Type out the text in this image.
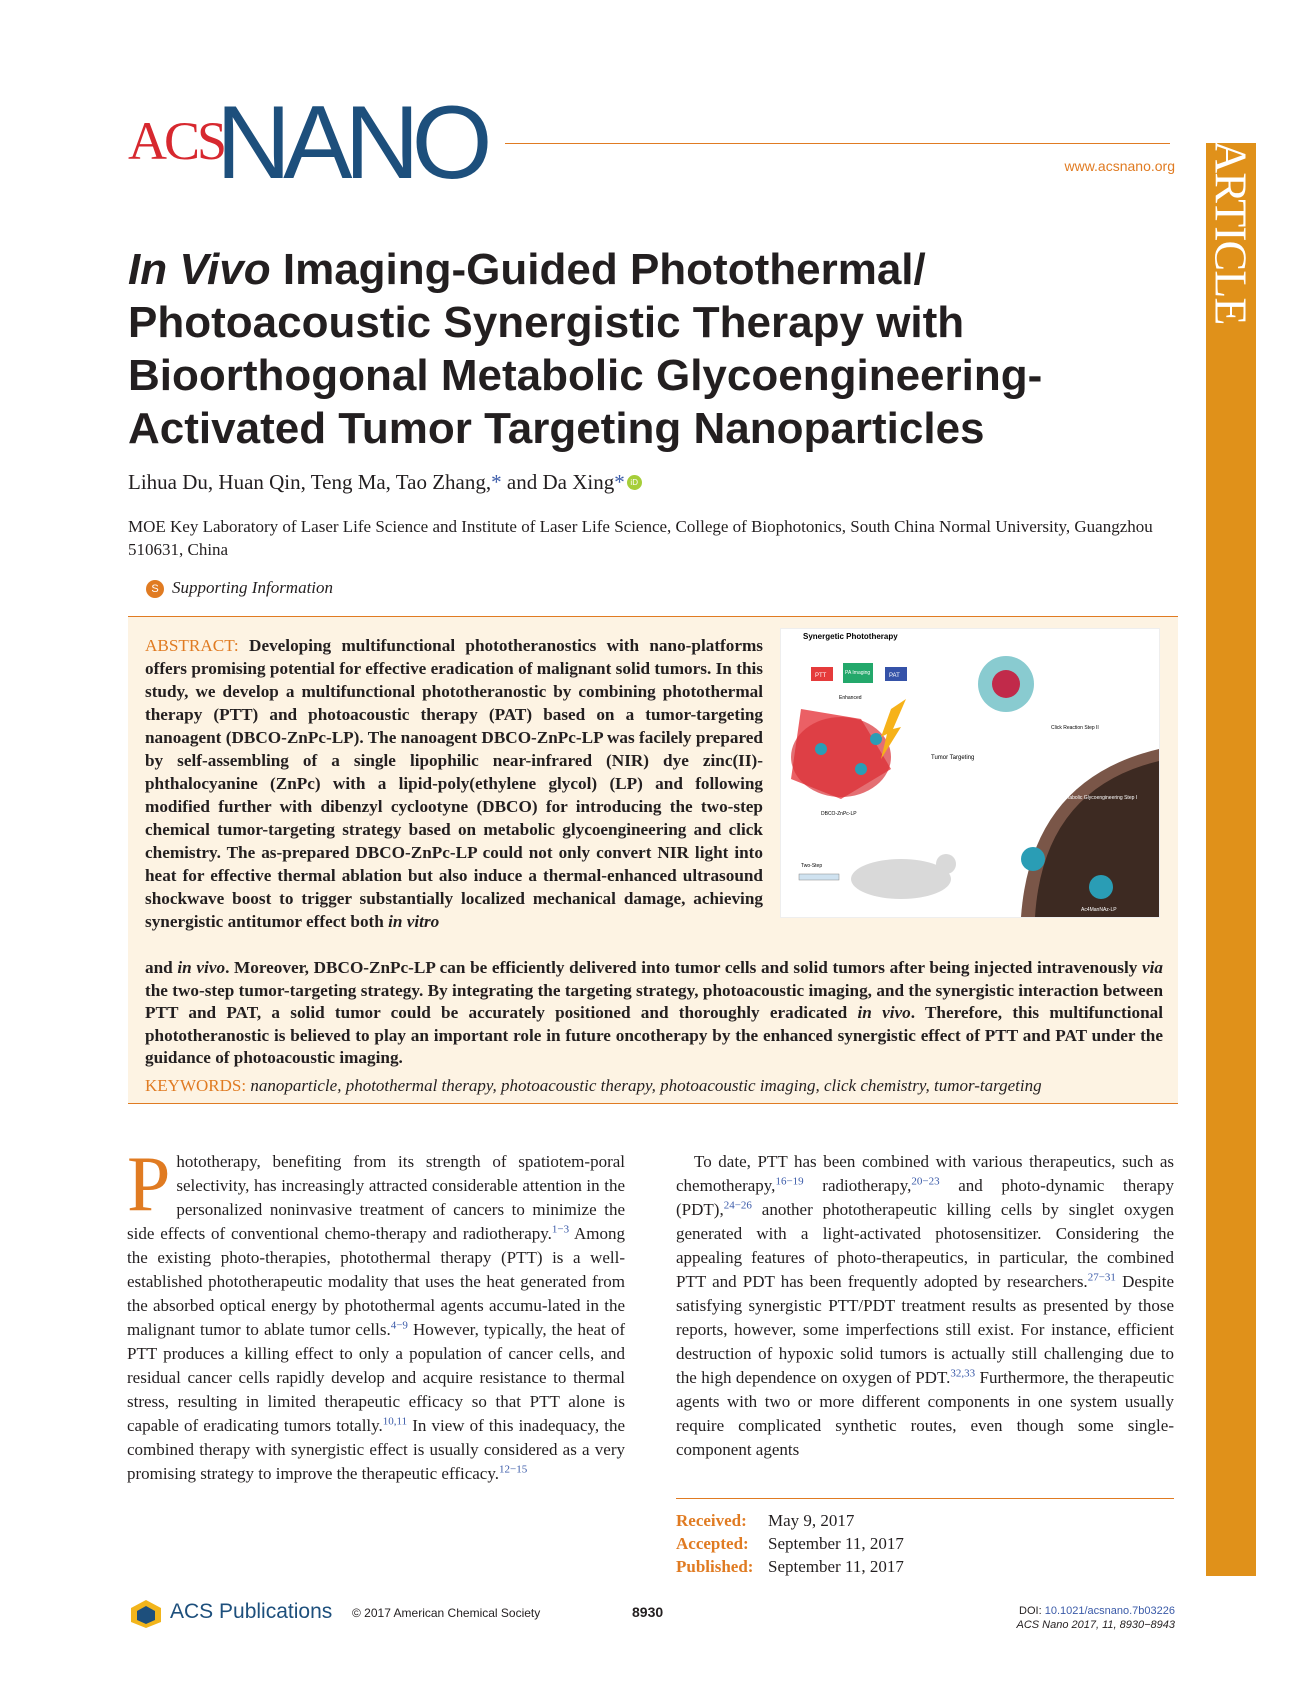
ACS
NANO	www.acsnano.org ARTICLE
In Vivo Imaging-Guided Photothermal/ Photoacoustic Synergistic Therapy with Bioorthogonal Metabolic Glycoengineering-Activated Tumor Targeting Nanoparticles
Lihua Du, Huan Qin, Teng Ma, Tao Zhang,* and Da Xing* iD
MOE Key Laboratory of Laser Life Science and Institute of Laser Life Science, College of Biophotonics, South China Normal University, Guangzhou 510631, China
S Supporting Information
ABSTRACT: Developing multifunctional phototheranostics with nano-platforms offers promising potential for effective eradication of malignant solid tumors. In this study, we develop a multifunctional phototheranostic by combining photothermal therapy (PTT) and photoacoustic therapy (PAT) based on a tumor-targeting nanoagent (DBCO-ZnPc-LP). The nanoagent DBCO-ZnPc-LP was facilely prepared by self-assembling of a single lipophilic near-infrared (NIR) dye zinc(II)-phthalocyanine (ZnPc) with a lipid-poly(ethylene glycol) (LP) and following modified further with dibenzyl cyclootyne (DBCO) for introducing the two-step chemical tumor-targeting strategy based on metabolic glycoengineering and click chemistry. The as-prepared DBCO-ZnPc-LP could not only convert NIR light into heat for effective thermal ablation but also induce a thermal-enhanced ultrasound shockwave boost to trigger substantially localized mechanical damage, achieving synergistic antitumor effect both in vitro
and in vivo. Moreover, DBCO-ZnPc-LP can be efficiently delivered into tumor cells and solid tumors after being injected intravenously via the two-step tumor-targeting strategy. By integrating the targeting strategy, photoacoustic imaging, and the synergistic interaction between PTT and PAT, a solid tumor could be accurately positioned and thoroughly eradicated in vivo. Therefore, this multifunctional phototheranostic is believed to play an important role in future oncotherapy by the enhanced synergistic effect of PTT and PAT under the guidance of photoacoustic imaging.
KEYWORDS: nanoparticle, photothermal therapy, photoacoustic therapy, photoacoustic imaging, click chemistry, tumor-targeting
Synergetic Phototherapy
PTT	PA Imaging	PAT
Enhanced
DBCO-ZnPc-LP
Tumor Targeting
Click Reaction Step II
Metabolic Glycoengineering Step I
Ac4ManNAz-LP
Two-Step
Phototherapy, benefiting from its strength of spatiotem-poral selectivity, has increasingly attracted considerable attention in the personalized noninvasive treatment of cancers to minimize the side effects of conventional chemo-therapy and radiotherapy.$^{1-3}$ Among the existing photo-therapies, photothermal therapy (PTT) is a well-established phototherapeutic modality that uses the heat generated from the absorbed optical energy by photothermal agents accumu-lated in the malignant tumor to ablate tumor cells.$^{4-9}$ However, typically, the heat of PTT produces a killing effect to only a population of cancer cells, and residual cancer cells rapidly develop and acquire resistance to thermal stress, resulting in limited therapeutic efficacy so that PTT alone is capable of eradicating tumors totally.$^{10,11}$ In view of this inadequacy, the combined therapy with synergistic effect is usually considered as a very promising strategy to improve the therapeutic efficacy.$^{12-15}$
To date, PTT has been combined with various therapeutics, such as chemotherapy,$^{16-19}$ radiotherapy,$^{20-23}$ and photo-dynamic therapy (PDT),$^{24-26}$ another phototherapeutic killing cells by singlet oxygen generated with a light-activated photosensitizer. Considering the appealing features of photo-therapeutics, in particular, the combined PTT and PDT has been frequently adopted by researchers.$^{27-31}$ Despite satisfying synergistic PTT/PDT treatment results as presented by those reports, however, some imperfections still exist. For instance, efficient destruction of hypoxic solid tumors is actually still challenging due to the high dependence on oxygen of PDT.$^{32,33}$ Furthermore, the therapeutic agents with two or more different components in one system usually require complicated synthetic routes, even though some single-component agents
Received: May 9, 2017
Accepted: September 11, 2017
Published: September 11, 2017
ACS Publications © 2017 American Chemical Society	8930	DOI: 10.1021/acsnano.7b03226
ACS Nano 2017, 11, 8930−8943
